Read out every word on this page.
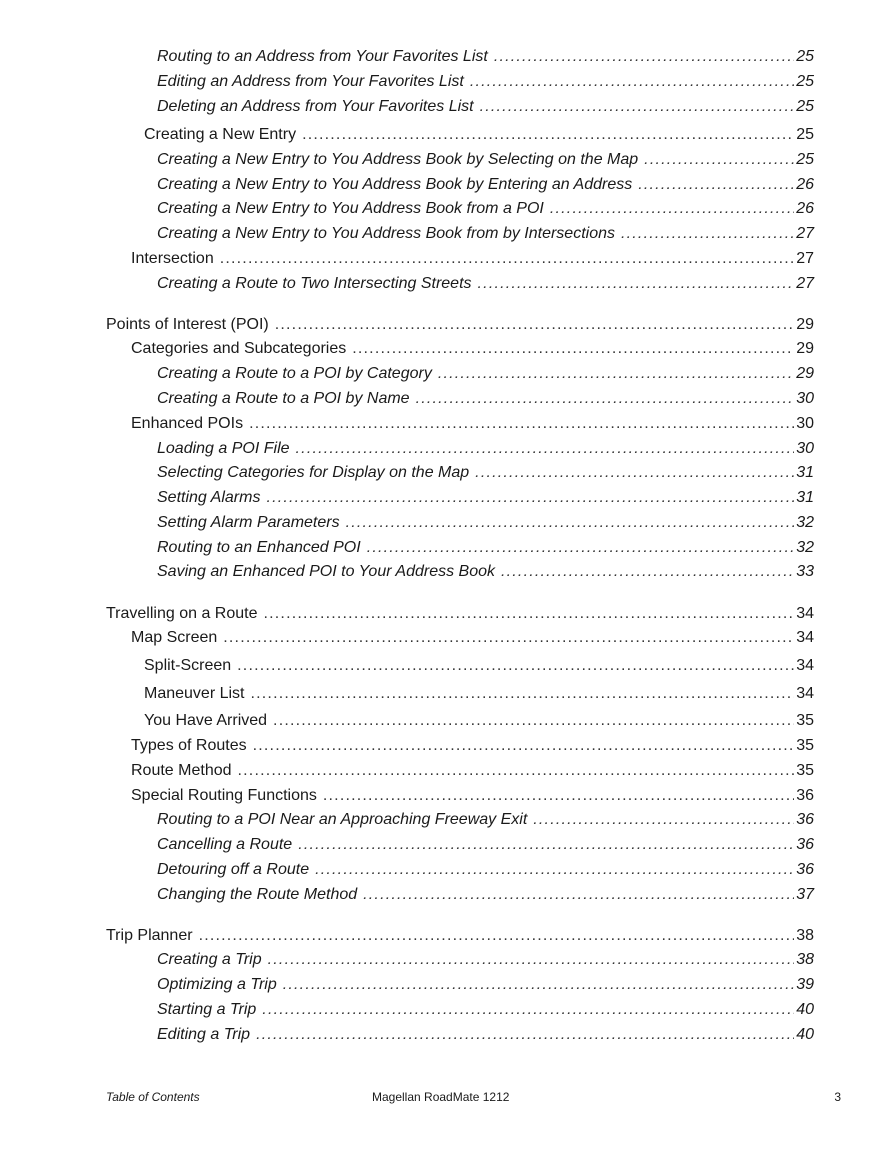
Routing to an Address from Your Favorites List .....	25
Editing an Address from Your Favorites List .....	25
Deleting an Address from Your Favorites List .....	25
Creating a New Entry .....	25
Creating a New Entry to You Address Book by Selecting on the Map .....	25
Creating a New Entry to You Address Book by Entering an Address .....	26
Creating a New Entry to You Address Book from a POI .....	26
Creating a New Entry to You Address Book from by Intersections .....	27
Intersection .....	27
Creating a Route to Two Intersecting Streets .....	27
Points of Interest (POI) .....	29
Categories and Subcategories .....	29
Creating a Route to a POI by Category .....	29
Creating a Route to a POI by Name .....	30
Enhanced POIs .....	30
Loading a POI File .....	30
Selecting Categories for Display on the Map .....	31
Setting Alarms .....	31
Setting Alarm Parameters .....	32
Routing to an Enhanced POI .....	32
Saving an Enhanced POI to Your Address Book .....	33
Travelling on a Route .....	34
Map Screen .....	34
Split-Screen .....	34
Maneuver List .....	34
You Have Arrived .....	35
Types of Routes .....	35
Route Method .....	35
Special Routing Functions .....	36
Routing to a POI Near an Approaching Freeway Exit .....	36
Cancelling a Route .....	36
Detouring off a Route .....	36
Changing the Route Method .....	37
Trip Planner .....	38
Creating a Trip .....	38
Optimizing a Trip .....	39
Starting a Trip .....	40
Editing a Trip .....	40
Table of Contents	Magellan RoadMate 1212	3
